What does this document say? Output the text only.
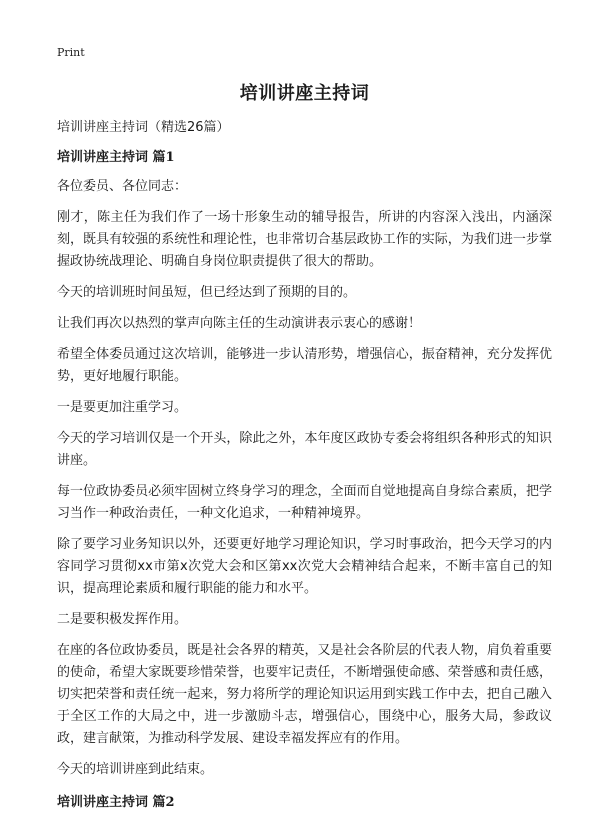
Print
培训讲座主持词
培训讲座主持词（精选26篇）
培训讲座主持词 篇1

各位委员、各位同志：

刚才，陈主任为我们作了一场十形象生动的辅导报告，所讲的内容深入浅出，内涵深刻，既具有较强的系统性和理论性，也非常切合基层政协工作的实际，为我们进一步掌握政协统战理论、明确自身岗位职责提供了很大的帮助。

今天的培训班时间虽短，但已经达到了预期的目的。

让我们再次以热烈的掌声向陈主任的生动演讲表示衷心的感谢！

希望全体委员通过这次培训，能够进一步认清形势，增强信心，振奋精神，充分发挥优势，更好地履行职能。

一是要更加注重学习。

今天的学习培训仅是一个开头，除此之外，本年度区政协专委会将组织各种形式的知识讲座。

每一位政协委员必须牢固树立终身学习的理念，全面而自觉地提高自身综合素质，把学习当作一种政治责任，一种文化追求，一种精神境界。

除了要学习业务知识以外，还要更好地学习理论知识，学习时事政治，把今天学习的内容同学习贯彻xx市第x次党大会和区第xx次党大会精神结合起来，不断丰富自己的知识，提高理论素质和履行职能的能力和水平。

二是要积极发挥作用。

在座的各位政协委员，既是社会各界的精英，又是社会各阶层的代表人物，肩负着重要的使命，希望大家既要珍惜荣誉，也要牢记责任，不断增强使命感、荣誉感和责任感，切实把荣誉和责任统一起来，努力将所学的理论知识运用到实践工作中去，把自己融入于全区工作的大局之中，进一步激励斗志，增强信心，围绕中心，服务大局，参政议政，建言献策，为推动科学发展、建设幸福发挥应有的作用。

今天的培训讲座到此结束。

培训讲座主持词 篇2
